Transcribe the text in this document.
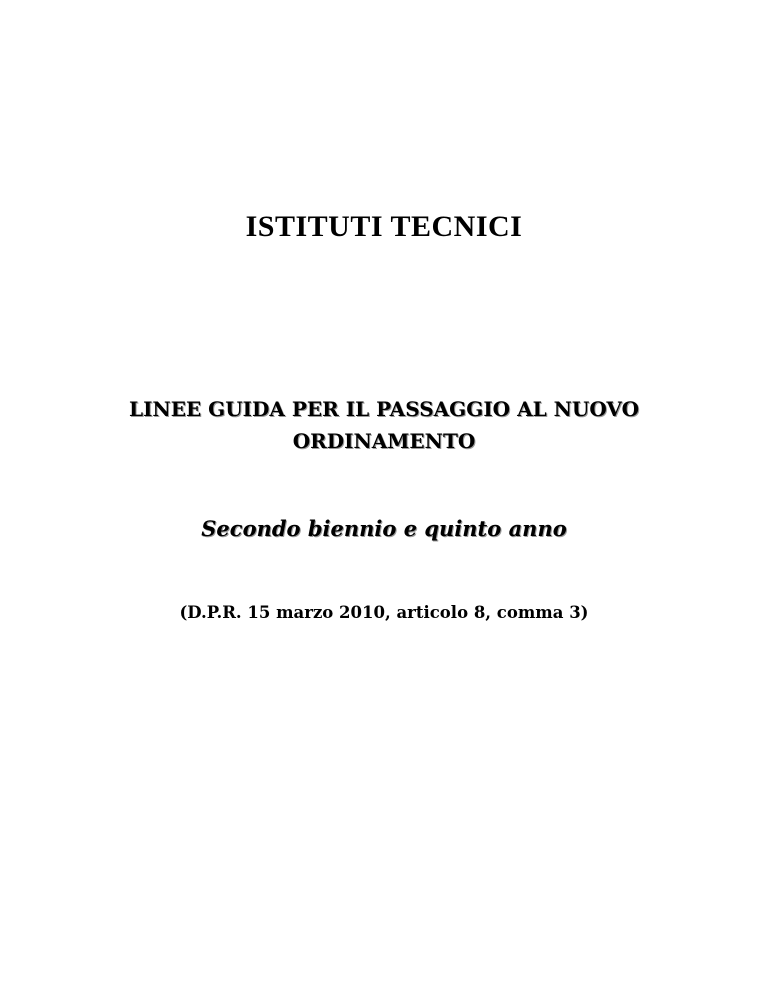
ISTITUTI TECNICI
LINEE GUIDA PER IL PASSAGGIO AL NUOVO
ORDINAMENTO
Secondo biennio e quinto anno
(D.P.R. 15 marzo 2010, articolo 8, comma 3)
